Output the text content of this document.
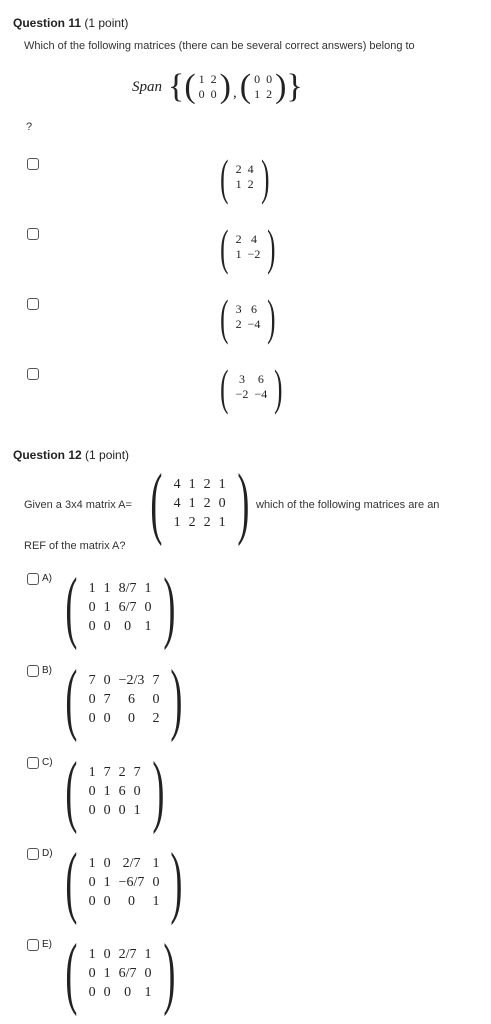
Question 11 (1 point)
Which of the following matrices (there can be several correct answers) belong to
Span { ( 1	2
0	0 ) , ( 0	0
1	2 ) }
?
( 2	4
1	2 )
( 2	4
1	−2 )
( 3	6
2	−4 )
( 3	6
−2	−4 )
Question 12 (1 point)
Given a 3x4 matrix A= ( 4	1	2	1
4	1	2	0
1	2	2	1 ) which of the following matrices are an
REF of the matrix A?
A) ( 1	1	8/7	1
0	1	6/7	0
0	0	0	1 )
B) ( 7	0	−2/3	7
0	7	6	0
0	0	0	2 )
C) ( 1	7	2	7
0	1	6	0
0	0	0	1 )
D) ( 1	0	2/7	1
0	1	−6/7	0
0	0	0	1 )
E) ( 1	0	2/7	1
0	1	6/7	0
0	0	0	1 )
